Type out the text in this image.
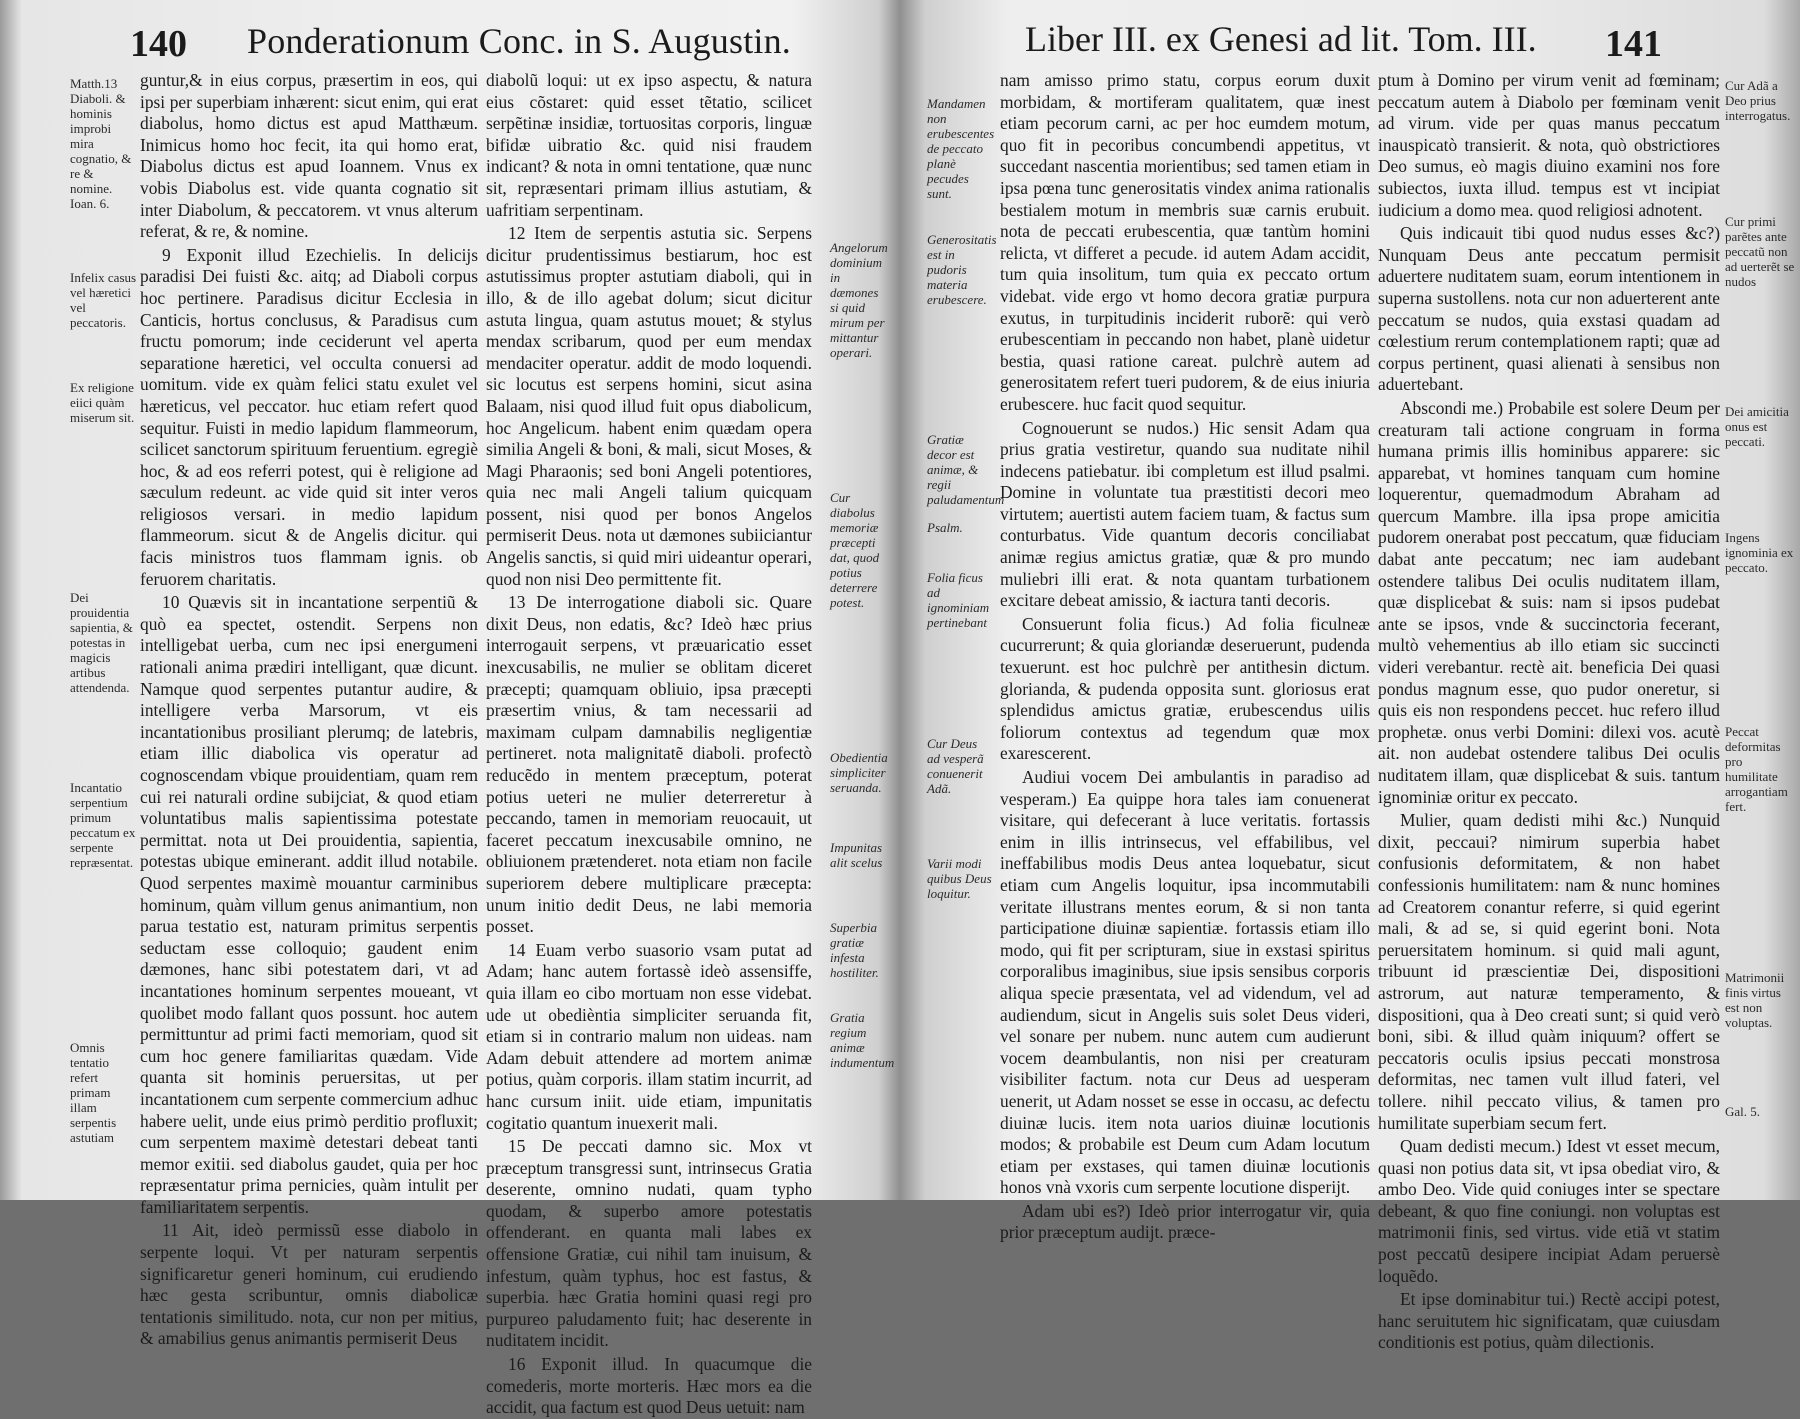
140 Ponderationum Conc. in S. Augustin.

guntur,& in eius corpus, præsertim in eos, qui ipsi per superbiam inhærent: sicut enim, qui erat diabolus, homo dictus est apud Matthæum. Inimicus homo hoc fecit, ita qui homo erat, Diabolus dictus est apud Ioannem. Vnus ex vobis Diabolus est. vide quanta cognatio sit inter Diabolum, & peccatorem. vt vnus alterum referat, & re, & nomine.

9 Exponit illud Ezechielis. In delicijs paradisi Dei fuisti &c. aitq; ad Diaboli corpus hoc pertinere. Paradisus dicitur Ecclesia in Canticis, hortus conclusus, & Paradisus cum fructu pomorum; inde ceciderunt vel aperta separatione hæretici, vel occulta conuersi ad uomitum. vide ex quàm felici statu exulet vel hæreticus, vel peccator. huc etiam refert quod sequitur. Fuisti in medio lapidum flammeorum, scilicet sanctorum spirituum feruentium. egregiè hoc, & ad eos referri potest, qui è religione ad sæculum redeunt. ac vide quid sit inter veros religiosos versari. in medio lapidum flammeorum. sicut & de Angelis dicitur. qui facis ministros tuos flammam ignis. ob feruorem charitatis.

10 Quævis sit in incantatione serpentiũ & quò ea spectet, ostendit. Serpens non intelligebat uerba, cum nec ipsi energumeni rationali anima prædiri intelligant, quæ dicunt. Namque quod serpentes putantur audire, & intelligere verba Marsorum, vt eis incantationibus prosiliant plerumq; de latebris, etiam illic diabolica vis operatur ad cognoscendam vbique prouidentiam, quam rem cui rei naturali ordine subijciat, & quod etiam voluntatibus malis sapientissima potestate permittat. nota ut Dei prouidentia, sapientia, potestas ubique eminerant. addit illud notabile. Quod serpentes maximè mouantur carminibus hominum, quàm villum genus animantium, non parua testatio est, naturam primitus serpentis seductam esse colloquio; gaudent enim dæmones, hanc sibi potestatem dari, vt ad incantationes hominum serpentes moueant, vt quolibet modo fallant quos possunt. hoc autem permittuntur ad primi facti memoriam, quod sit cum hoc genere familiaritas quædam. Vide quanta sit hominis peruersitas, ut per incantationem cum serpente commercium adhuc habere uelit, unde eius primò perditio profluxit; cum serpentem maximè detestari debeat tanti memor exitii. sed diabolus gaudet, quia per hoc repræsentatur prima pernicies, quàm intulit per familiaritatem serpentis.

11 Ait, ideò permissũ esse diabolo in serpente loqui. Vt per naturam serpentis significaretur generi hominum, cui erudiendo hæc gesta scribuntur, omnis diabolicæ tentationis similitudo. nota, cur non per mitius, & amabilius genus animantis permiserit Deus

diabolũ loqui: ut ex ipso aspectu, & natura eius cõstaret: quid esset tẽtatio, scilicet serpẽtinæ insidiæ, tortuositas corporis, linguæ bifidæ uibratio &c. quid nisi fraudem indicant? & nota in omni tentatione, quæ nunc sit, repræsentari primam illius astutiam, & uafritiam serpentinam.

12 Item de serpentis astutia sic. Serpens dicitur prudentissimus bestiarum, hoc est astutissimus propter astutiam diaboli, qui in illo, & de illo agebat dolum; sicut dicitur astuta lingua, quam astutus mouet; & stylus mendax scribarum, quod per eum mendax mendaciter operatur. addit de modo loquendi. sic locutus est serpens homini, sicut asina Balaam, nisi quod illud fuit opus diabolicum, hoc Angelicum. habent enim quædam opera similia Angeli & boni, & mali, sicut Moses, & Magi Pharaonis; sed boni Angeli potentiores, quia nec mali Angeli talium quicquam possent, nisi quod per bonos Angelos permiserit Deus. nota ut dæmones subiiciantur Angelis sanctis, si quid miri uideantur operari, quod non nisi Deo permittente fit.

13 De interrogatione diaboli sic. Quare dixit Deus, non edatis, &c? Ideò hæc prius interrogauit serpens, vt præuaricatio esset inexcusabilis, ne mulier se oblitam diceret præcepti; quamquam obliuio, ipsa præcepti præsertim vnius, & tam necessarii ad maximam culpam damnabilis negligentiæ pertineret. nota malignitatẽ diaboli. profectò reducẽdo in mentem præceptum, poterat potius ueteri ne mulier deterreretur à peccando, tamen in memoriam reuocauit, ut faceret peccatum inexcusabile omnino, ne obliuionem prætenderet. nota etiam non facile superiorem debere multiplicare præcepta: unum initio dedit Deus, ne labi memoria posset.

14 Euam verbo suasorio vsam putat ad Adam; hanc autem fortassè ideò assensiffe, quia illam eo cibo mortuam non esse videbat. ude ut obedièntia simpliciter seruanda fit, etiam si in contrario malum non uideas. nam Adam debuit attendere ad mortem animæ potius, quàm corporis. illam statim incurrit, ad hanc cursum iniit. uide etiam, impunitatis cogitatio quantum inuexerit mali.

15 De peccati damno sic. Mox vt præceptum transgressi sunt, intrinsecus Gratia deserente, omnino nudati, quam typho quodam, & superbo amore potestatis offenderant. en quanta mali labes ex offensione Gratiæ, cui nihil tam inuisum, & infestum, quàm typhus, hoc est fastus, & superbia. hæc Gratia homini quasi regi pro purpureo paludamento fuit; hac deserente in nuditatem incidit.

16 Exponit illud. In quacumque die comederis, morte morteris. Hæc mors ea die accidit, qua factum est quod Deus uetuit: nam

Matth.13
Diaboli. & hominis improbi mira cognatio, & re & nomine.
Ioan. 6.
Infelix casus vel hæretici vel peccatoris.
Ex religione eiici quàm miserum sit.
Dei prouidentia sapientia, & potestas in magicis artibus attendenda.
Incantatio serpentium primum peccatum ex serpente repræsentat.
Omnis tentatio refert primam illam serpentis astutiam
Angelorum dominium in dæmones si quid mirum per mittantur operari.
Cur diabolus memoriæ præcepti dat, quod potius deterrere potest.
Obedientia simpliciter seruanda.
Impunitas alit scelus
Superbia gratiæ infesta hostiliter.
Gratia regium animæ indumentum
Liber III. ex Genesi ad lit. Tom. III. 141

nam amisso primo statu, corpus eorum duxit morbidam, & mortiferam qualitatem, quæ inest etiam pecorum carni, ac per hoc eumdem motum, quo fit in pecoribus concumbendi appetitus, vt succedant nascentia morientibus; sed tamen etiam in ipsa pœna tunc generositatis vindex anima rationalis bestialem motum in membris suæ carnis erubuit. nota de peccati erubescentia, quæ tantùm homini relicta, vt differet a pecude. id autem Adam accidit, tum quia insolitum, tum quia ex peccato ortum videbat. vide ergo vt homo decora gratiæ purpura exutus, in turpitudinis inciderit ruborẽ: qui verò erubescentiam in peccando non habet, planè uidetur bestia, quasi ratione careat. pulchrè autem ad generositatem refert tueri pudorem, & de eius iniuria erubescere. huc facit quod sequitur.

Cognouerunt se nudos.) Hic sensit Adam qua prius gratia vestiretur, quando sua nuditate nihil indecens patiebatur. ibi completum est illud psalmi. Domine in voluntate tua præstitisti decori meo virtutem; auertisti autem faciem tuam, & factus sum conturbatus. Vide quantum decoris conciliabat animæ regius amictus gratiæ, quæ & pro mundo muliebri illi erat. & nota quantam turbationem excitare debeat amissio, & iactura tanti decoris.

Consuerunt folia ficus.) Ad folia ficulneæ cucurrerunt; & quia gloriandæ deseruerunt, pudenda texuerunt. est hoc pulchrè per antithesin dictum. glorianda, & pudenda opposita sunt. gloriosus erat splendidus amictus gratiæ, erubescendus uilis foliorum contextus ad tegendum quæ mox exarescerent.

Audiui vocem Dei ambulantis in paradiso ad vesperam.) Ea quippe hora tales iam conuenerat visitare, qui defecerant à luce veritatis. fortassis enim in illis intrinsecus, vel effabilibus, vel ineffabilibus modis Deus antea loquebatur, sicut etiam cum Angelis loquitur, ipsa incommutabili veritate illustrans mentes eorum, & si non tanta participatione diuinæ sapientiæ. fortassis etiam illo modo, qui fit per scripturam, siue in exstasi spiritus corporalibus imaginibus, siue ipsis sensibus corporis aliqua specie præsentata, vel ad videndum, vel ad audiendum, sicut in Angelis suis solet Deus videri, vel sonare per nubem. nunc autem cum audierunt vocem deambulantis, non nisi per creaturam visibiliter factum. nota cur Deus ad uesperam uenerit, ut Adam nosset se esse in occasu, ac defectu diuinæ lucis. item nota uarios diuinæ locutionis modos; & probabile est Deum cum Adam locutum etiam per exstases, qui tamen diuinæ locutionis honos vnà vxoris cum serpente locutione disperijt.

Adam ubi es?) Ideò prior interrogatur vir, quia prior præceptum audijt. præce-

ptum à Domino per virum venit ad fœminam; peccatum autem à Diabolo per fœminam venit ad virum. vide per quas manus peccatum inauspicatò transierit. & nota, quò obstrictiores Deo sumus, eò magis diuino examini nos fore subiectos, iuxta illud. tempus est vt incipiat iudicium a domo mea. quod religiosi adnotent.

Quis indicauit tibi quod nudus esses &c?) Nunquam Deus ante peccatum permisit aduertere nuditatem suam, eorum intentionem in superna sustollens. nota cur non aduerterent ante peccatum se nudos, quia exstasi quadam ad cœlestium rerum contemplationem rapti; quæ ad corpus pertinent, quasi alienati à sensibus non aduertebant.

Abscondi me.) Probabile est solere Deum per creaturam tali actione congruam in forma humana primis illis hominibus apparere: sic apparebat, vt homines tanquam cum homine loquerentur, quemadmodum Abraham ad quercum Mambre. illa ipsa prope amicitia pudorem onerabat post peccatum, quæ fiduciam dabat ante peccatum; nec iam audebant ostendere talibus Dei oculis nuditatem illam, quæ displicebat & suis: nam si ipsos pudebat ante se ipsos, vnde & succinctoria fecerant, multò vehementius ab illo etiam sic succincti videri verebantur. rectè ait. beneficia Dei quasi pondus magnum esse, quo pudor oneretur, si quis eis non respondens peccet. huc refero illud prophetæ. onus verbi Domini: dilexi vos. acutè ait. non audebat ostendere talibus Dei oculis nuditatem illam, quæ displicebat & suis. tantum ignominiæ oritur ex peccato.

Mulier, quam dedisti mihi &c.) Nunquid dixit, peccaui? nimirum superbia habet confusionis deformitatem, & non habet confessionis humilitatem: nam & nunc homines ad Creatorem conantur referre, si quid egerint mali, & ad se, si quid egerint boni. Nota peruersitatem hominum. si quid mali agunt, tribuunt id præscientiæ Dei, dispositioni astrorum, aut naturæ temperamento, & dispositioni, qua à Deo creati sunt; si quid verò boni, sibi. & illud quàm iniquum? offert se peccatoris oculis ipsius peccati monstrosa deformitas, nec tamen vult illud fateri, vel tollere. nihil peccato vilius, & tamen pro humilitate superbiam secum fert.

Quam dedisti mecum.) Idest vt esset mecum, quasi non potius data sit, vt ipsa obediat viro, & ambo Deo. Vide quid coniuges inter se spectare debeant, & quo fine coniungi. non voluptas est matrimonii finis, sed virtus. vide etiã vt statim post peccatũ desipere incipiat Adam peruersè loquẽdo.

Et ipse dominabitur tui.) Rectè accipi potest, hanc seruitutem hic significatam, quæ cuiusdam conditionis est potius, quàm dilectionis.

Mandamen non erubescentes de peccato planè pecudes sunt.
Generositatis est in pudoris materia erubescere.
Gratiæ decor est animæ, & regii paludamentum
Psalm.
Folia ficus ad ignominiam pertinebant
Cur Deus ad vesperã conuenerit Adã.
Varii modi quibus Deus loquitur.
Cur Adã a Deo prius interrogatus.
Cur primi parẽtes ante peccatũ non ad uerterẽt se nudos
Dei amicitia onus est peccati.
Ingens ignominia ex peccato.
Peccat deformitas pro humilitate arrogantiam fert.
Matrimonii finis virtus est non voluptas.
Gal. 5.
